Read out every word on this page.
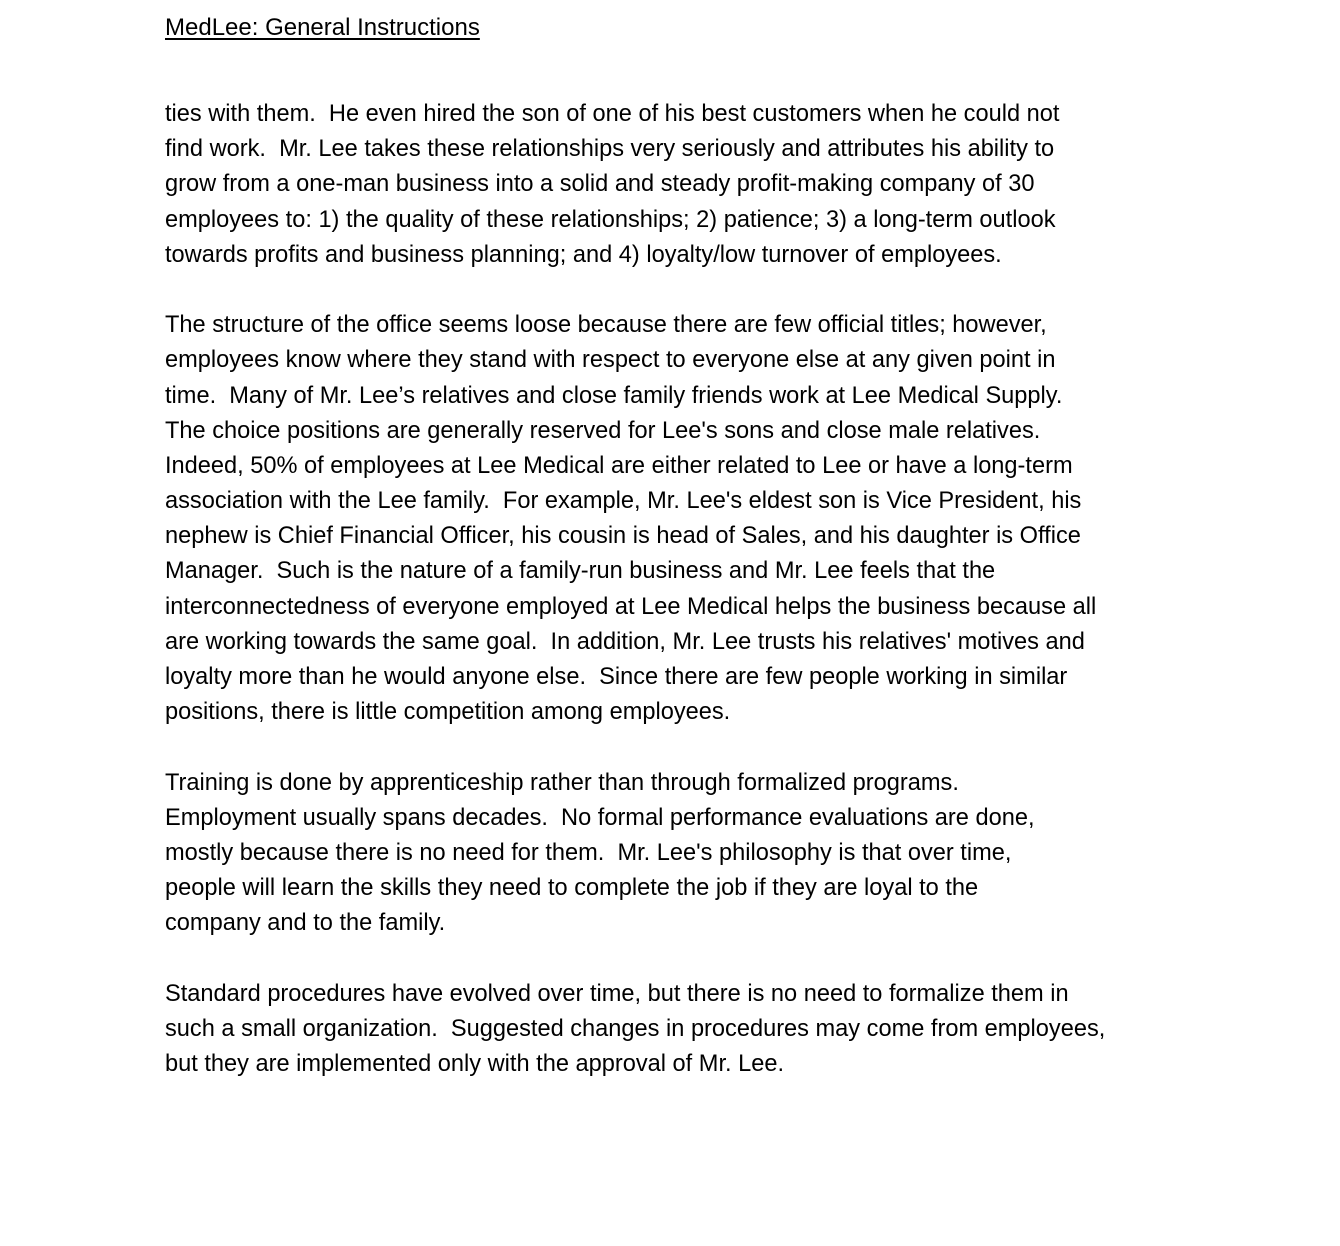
MedLee: General Instructions
ties with them.  He even hired the son of one of his best customers when he could not
find work.  Mr. Lee takes these relationships very seriously and attributes his ability to
grow from a one-man business into a solid and steady profit-making company of 30
employees to: 1) the quality of these relationships; 2) patience; 3) a long-term outlook
towards profits and business planning; and 4) loyalty/low turnover of employees.
The structure of the office seems loose because there are few official titles; however,
employees know where they stand with respect to everyone else at any given point in
time.  Many of Mr. Lee’s relatives and close family friends work at Lee Medical Supply.
The choice positions are generally reserved for Lee's sons and close male relatives.
Indeed, 50% of employees at Lee Medical are either related to Lee or have a long-term
association with the Lee family.  For example, Mr. Lee's eldest son is Vice President, his
nephew is Chief Financial Officer, his cousin is head of Sales, and his daughter is Office
Manager.  Such is the nature of a family-run business and Mr. Lee feels that the
interconnectedness of everyone employed at Lee Medical helps the business because all
are working towards the same goal.  In addition, Mr. Lee trusts his relatives' motives and
loyalty more than he would anyone else.  Since there are few people working in similar
positions, there is little competition among employees.
Training is done by apprenticeship rather than through formalized programs.
Employment usually spans decades.  No formal performance evaluations are done,
mostly because there is no need for them.  Mr. Lee's philosophy is that over time,
people will learn the skills they need to complete the job if they are loyal to the
company and to the family.
Standard procedures have evolved over time, but there is no need to formalize them in
such a small organization.  Suggested changes in procedures may come from employees,
but they are implemented only with the approval of Mr. Lee.
